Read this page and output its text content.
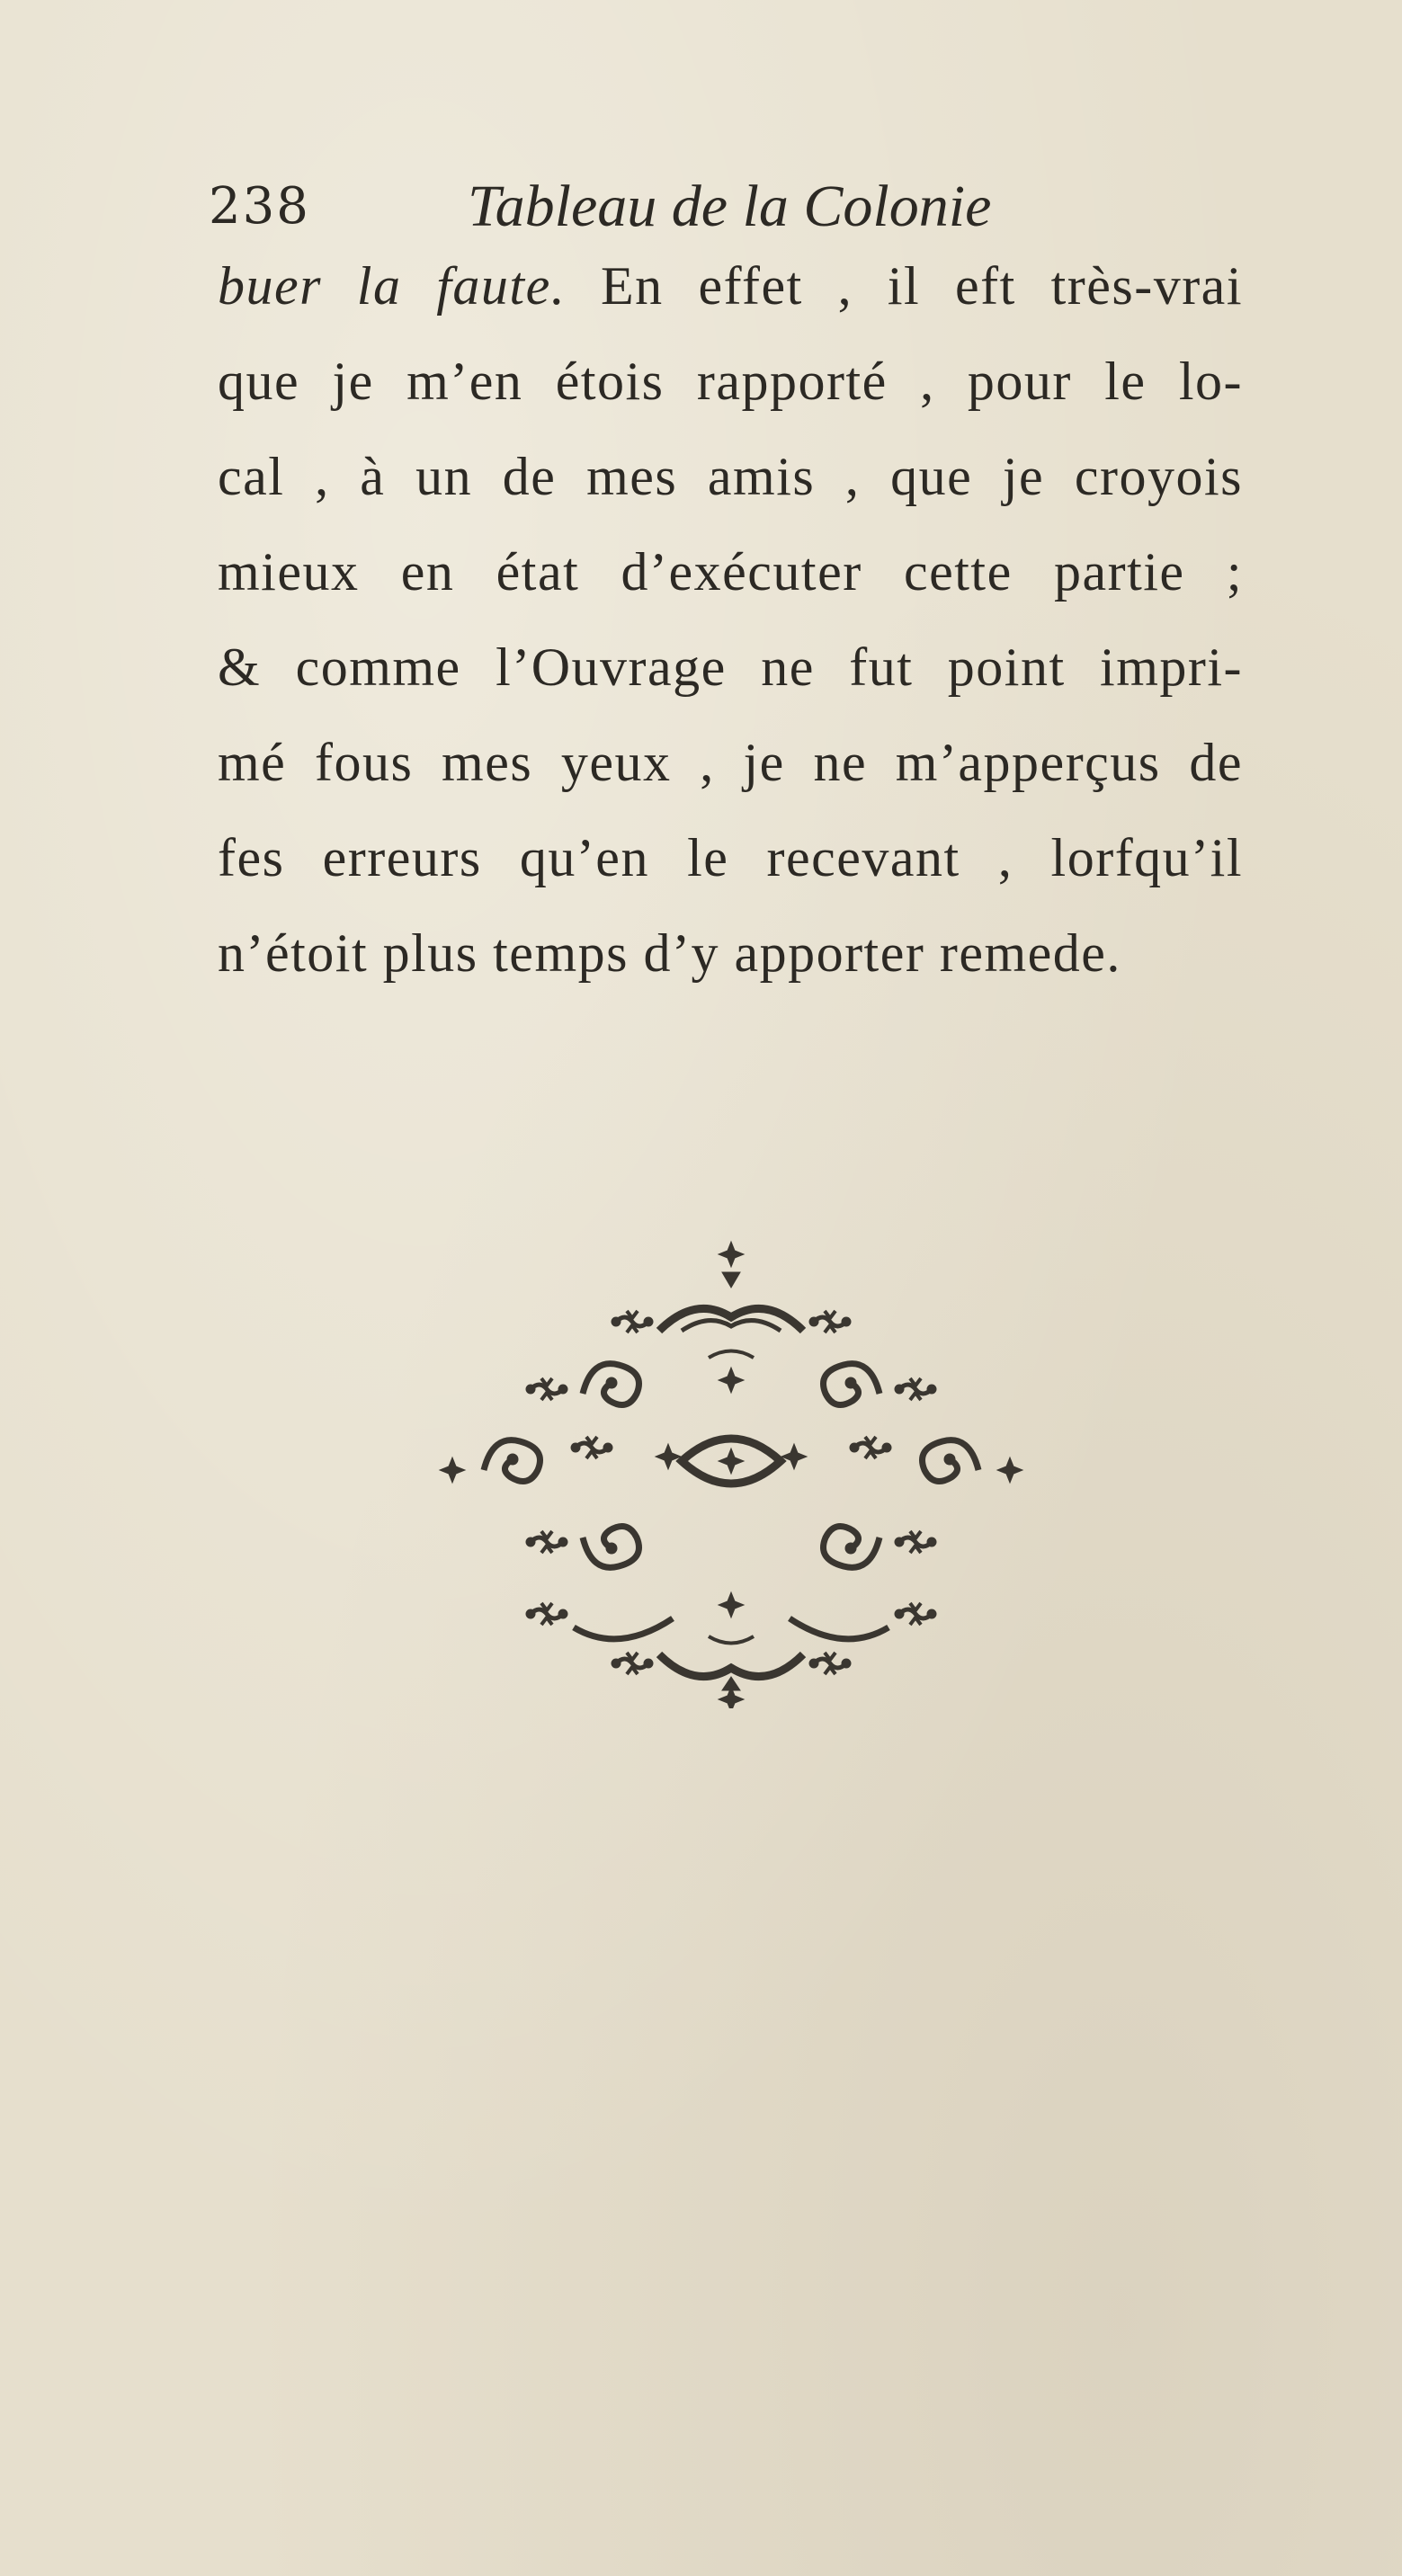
238	Tableau de la Colonie
buer la faute. En effet , il eft très-vrai
que je m’en étois rapporté , pour le lo-
cal , à un de mes amis , que je croyois
mieux en état d’exécuter cette partie ;
& comme l’Ouvrage ne fut point impri-
mé fous mes yeux , je ne m’apperçus de
fes erreurs qu’en le recevant , lorfqu’il
n’étoit plus temps d’y apporter remede.
